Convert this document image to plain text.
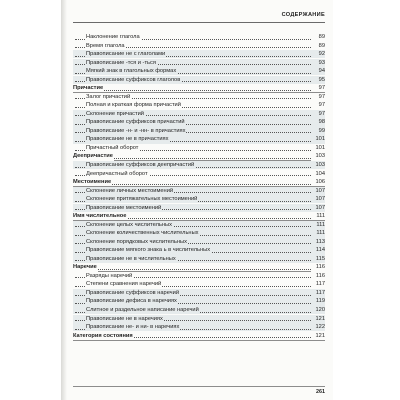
СОДЕРЖАНИЕ
Наклонение глагола	89
Время глагола	89
Правописание не с глаголами	92
Правописание -тся и -ться	93
Мягкий знак в глагольных формах	94
Правописание суффиксов глаголов	95
Причастие	97
Залог причастий	97
Полная и краткая форма причастий	97
Склонение причастий	97
Правописание суффиксов причастий	98
Правописание -н- и -нн- в причастиях	99
Правописание не в причастиях	101
Причастный оборот	101
Деепричастие	103
Правописание суффиксов деепричастий	103
Деепричастный оборот	104
Местоимение	106
Склонение личных местоимений	107
Склонение притяжательных местоимений	107
Правописание местоимений	107
Имя числительное	111
Склонение целых числительных	111
Склонение количественных числительных	111
Склонение порядковых числительных	113
Правописание мягкого знака ь в числительных	114
Правописание не в числительных	115
Наречие	116
Разряды наречий	116
Степени сравнения наречий	117
Правописание суффиксов наречий	117
Правописание дефиса в наречиях	119
Слитное и раздельное написание наречий	120
Правописание не в наречиях	121
Правописание не- и ни- в наречиях	122
Категория состояния	121
261
